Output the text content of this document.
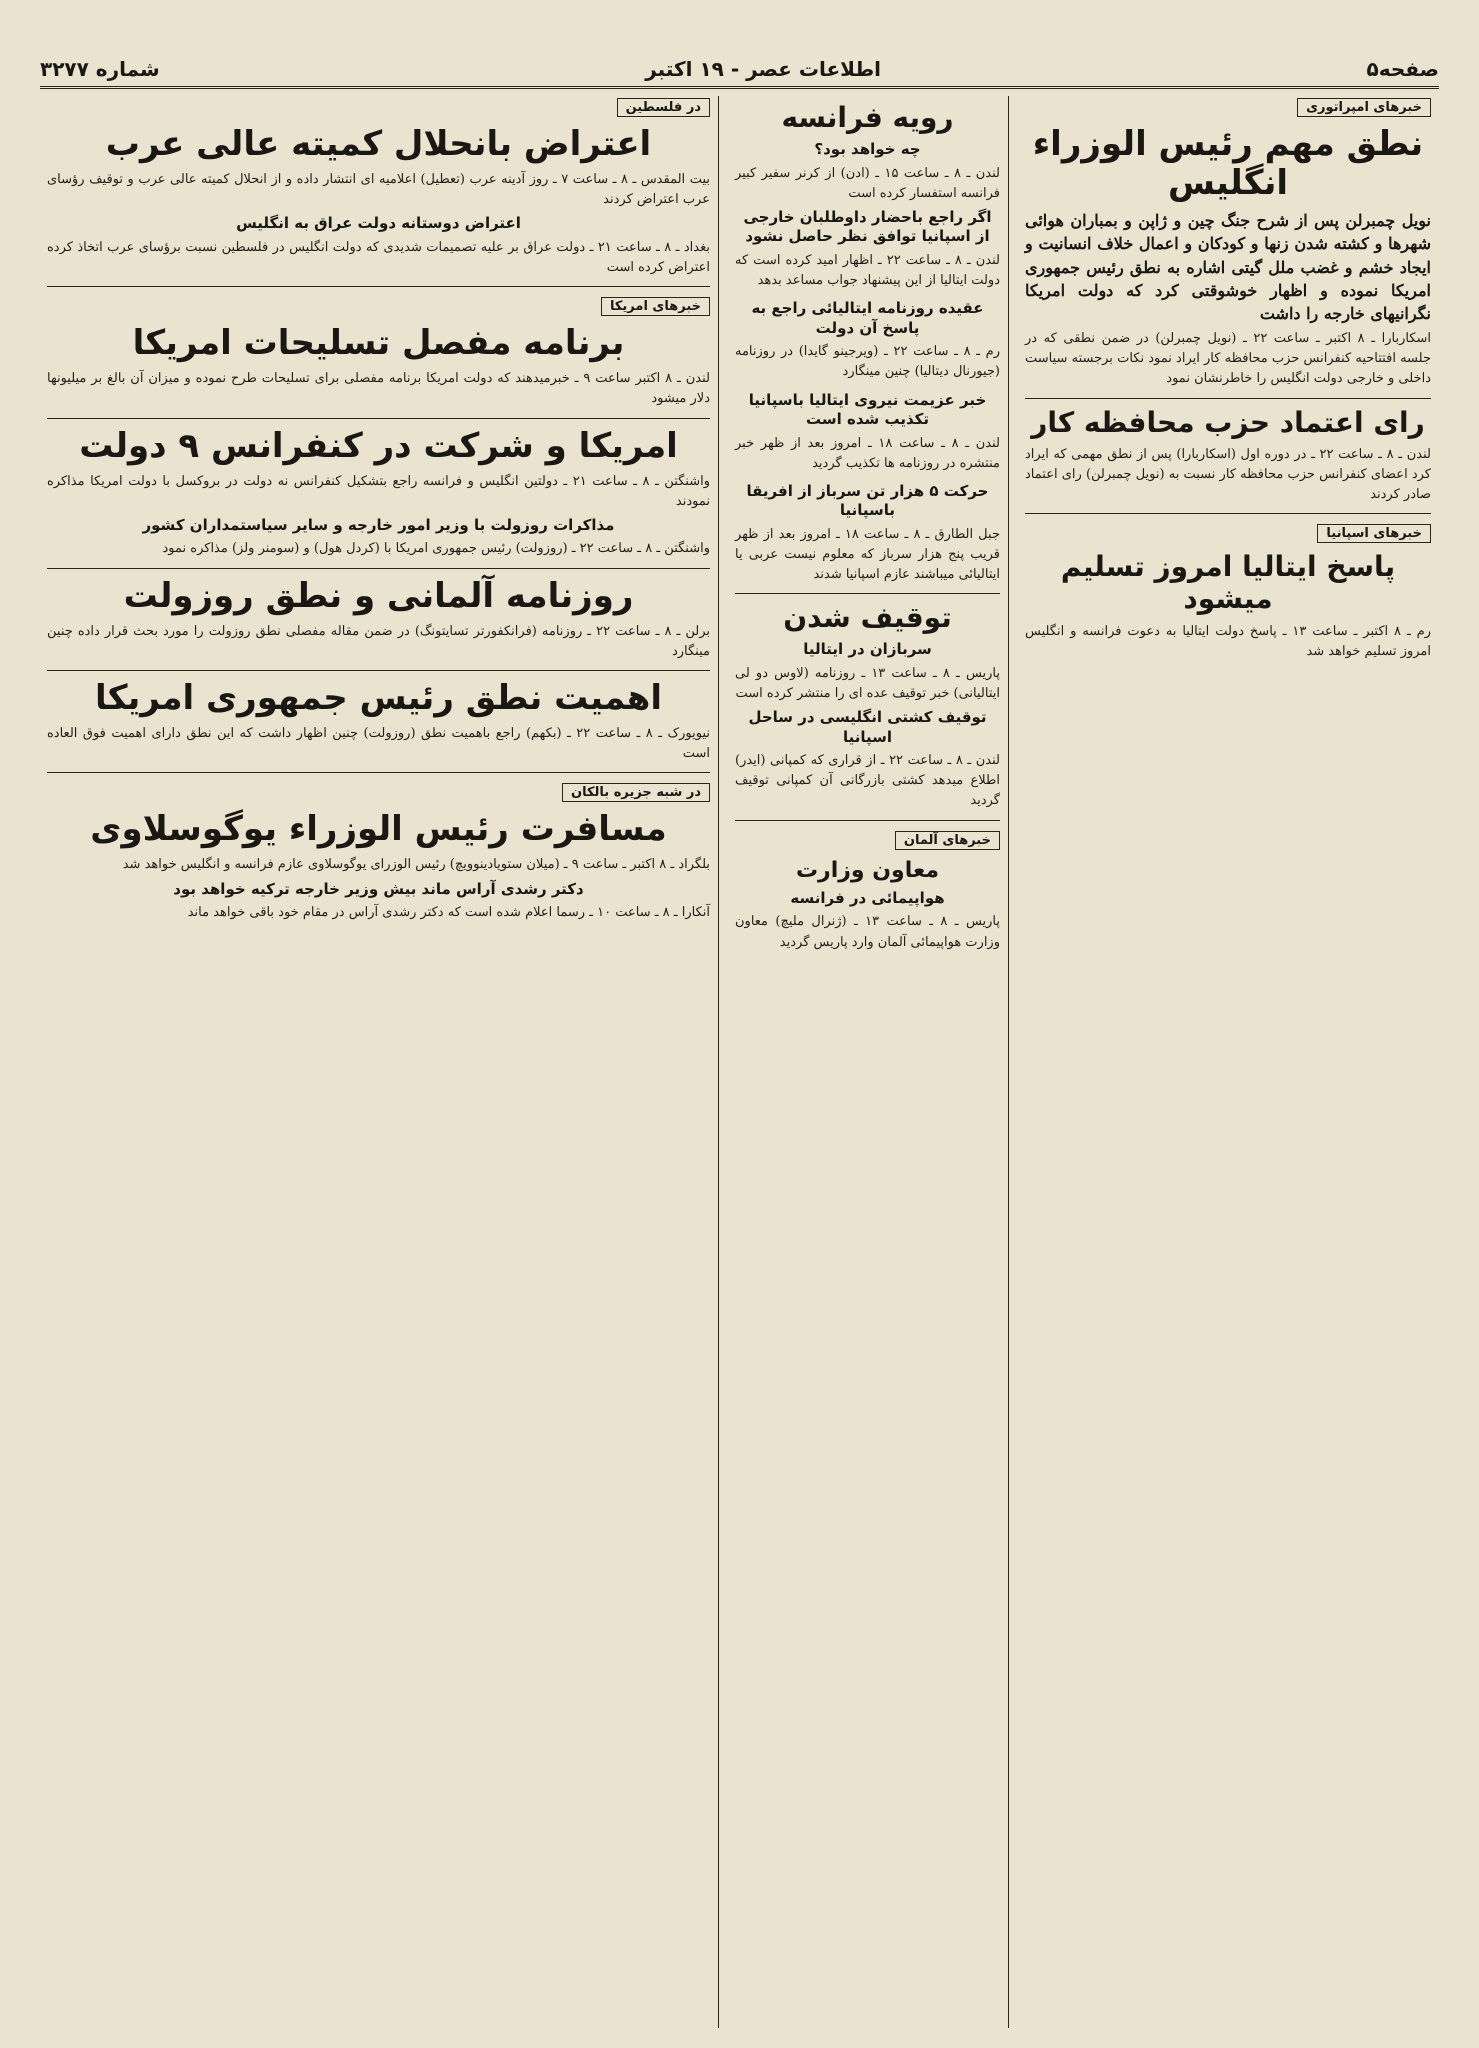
صفحه۵
اطلاعات عصر - ۱۹ اکتبر
شماره ۳۲۷۷
خبرهای امپراتوری
نطق مهم رئیس الوزراء انگلیس
نویل چمبرلن پس از شرح جنگ چین و ژاپن و بمباران هوائی شهرها و کشته شدن زنها و کودکان و اعمال خلاف انسانیت و ایجاد خشم و غضب ملل گیتی اشاره به نطق رئیس جمهوری امریکا نموده و اظهار خوشوقتی کرد که دولت امریکا نگرانیهای خارجه را داشت
اسکاربارا ـ ۸ اکتبر ـ ساعت ۲۲ ـ (نویل چمبرلن) در ضمن نطقی که در جلسه افتتاحیه کنفرانس حزب محافظه کار ایراد نمود نکات برجسته سیاست داخلی و خارجی دولت انگلیس را خاطرنشان نمود
رای اعتماد حزب محافظه کار
لندن ـ ۸ ـ ساعت ۲۲ ـ در دوره اول (اسکاربارا) پس از نطق مهمی که ایراد کرد اعضای کنفرانس حزب محافظه کار نسبت به (نویل چمبرلن) رای اعتماد صادر کردند
خبرهای اسپانیا
پاسخ ایتالیا امروز تسلیم میشود
رم ـ ۸ اکتبر ـ ساعت ۱۳ ـ پاسخ دولت ایتالیا به دعوت فرانسه و انگلیس امروز تسلیم خواهد شد
رویه فرانسه
چه خواهد بود؟
لندن ـ ۸ ـ ساعت ۱۵ ـ (ادن) از کرنر سفیر کبیر فرانسه استفسار کرده است
اگر راجع باحضار داوطلبان خارجی از اسپانیا توافق نظر حاصل نشود
لندن ـ ۸ ـ ساعت ۲۲ ـ اظهار امید کرده است که دولت ایتالیا از این پیشنهاد جواب مساعد بدهد
عقیده روزنامه ایتالیائی راجع به پاسخ آن دولت
رم ـ ۸ ـ ساعت ۲۲ ـ (ویرجینو گایدا) در روزنامه (جیورنال دیتالیا) چنین مینگارد
خبر عزیمت نیروی ایتالیا باسپانیا تکذیب شده است
لندن ـ ۸ ـ ساعت ۱۸ ـ امروز بعد از ظهر خبر منتشره در روزنامه ها تکذیب گردید
حرکت ۵ هزار تن سرباز از افریقا باسپانیا
جبل الطارق ـ ۸ ـ ساعت ۱۸ ـ امروز بعد از ظهر قریب پنج هزار سرباز که معلوم نیست عربی یا ایتالیائی میباشند عازم اسپانیا شدند
توقیف شدن
سربازان در ایتالیا
پاریس ـ ۸ ـ ساعت ۱۳ ـ روزنامه (لاوس دو لی ایتالیانی) خبر توقیف عده ای را منتشر کرده است
توقیف کشتی انگلیسی در ساحل اسپانیا
لندن ـ ۸ ـ ساعت ۲۲ ـ از قراری که کمپانی (ایدر) اطلاع میدهد کشتی بازرگانی آن کمپانی توقیف گردید
خبرهای آلمان
معاون وزارت
هواپیمائی در فرانسه
پاریس ـ ۸ ـ ساعت ۱۳ ـ (ژنرال ملیچ) معاون وزارت هواپیمائی آلمان وارد پاریس گردید
در فلسطین
اعتراض بانحلال کمیته عالی عرب
بیت المقدس ـ ۸ ـ ساعت ۷ ـ روز آدینه عرب (تعطیل) اعلامیه ای انتشار داده و از انحلال کمیته عالی عرب و توقیف رؤسای عرب اعتراض کردند
اعتراض دوستانه دولت عراق به انگلیس
بغداد ـ ۸ ـ ساعت ۲۱ ـ دولت عراق بر علیه تصمیمات شدیدی که دولت انگلیس در فلسطین نسبت برؤسای عرب اتخاذ کرده اعتراض کرده است
خبرهای امریکا
برنامه مفصل تسلیحات امریکا
لندن ـ ۸ اکتبر ساعت ۹ ـ خبرمیدهند که دولت امریکا برنامه مفصلی برای تسلیحات طرح نموده و میزان آن بالغ بر میلیونها دلار میشود
امریکا و شرکت در کنفرانس ۹ دولت
واشنگتن ـ ۸ ـ ساعت ۲۱ ـ دولتین انگلیس و فرانسه راجع بتشکیل کنفرانس نه دولت در بروکسل با دولت امریکا مذاکره نمودند
مذاکرات روزولت با وزیر امور خارجه و سایر سیاستمداران کشور
واشنگتن ـ ۸ ـ ساعت ۲۲ ـ (روزولت) رئیس جمهوری امریکا با (کردل هول) و (سومنر ولز) مذاکره نمود
روزنامه آلمانی و نطق روزولت
برلن ـ ۸ ـ ساعت ۲۲ ـ روزنامه (فرانکفورتر تسایتونگ) در ضمن مقاله مفصلی نطق روزولت را مورد بحث قرار داده چنین مینگارد
اهمیت نطق رئیس جمهوری امریکا
نیویورک ـ ۸ ـ ساعت ۲۲ ـ (بکهم) راجع باهمیت نطق (روزولت) چنین اظهار داشت که این نطق دارای اهمیت فوق العاده است
در شبه جزیره بالکان
مسافرت رئیس الوزراء یوگوسلاوی
بلگراد ـ ۸ اکتبر ـ ساعت ۹ ـ (میلان ستویادینوویچ) رئیس الوزرای یوگوسلاوی عازم فرانسه و انگلیس خواهد شد
دکتر رشدی آراس ماند بیش وزیر خارجه ترکیه خواهد بود
آنکارا ـ ۸ ـ ساعت ۱۰ ـ رسما اعلام شده است که دکتر رشدی آراس در مقام خود باقی خواهد ماند
